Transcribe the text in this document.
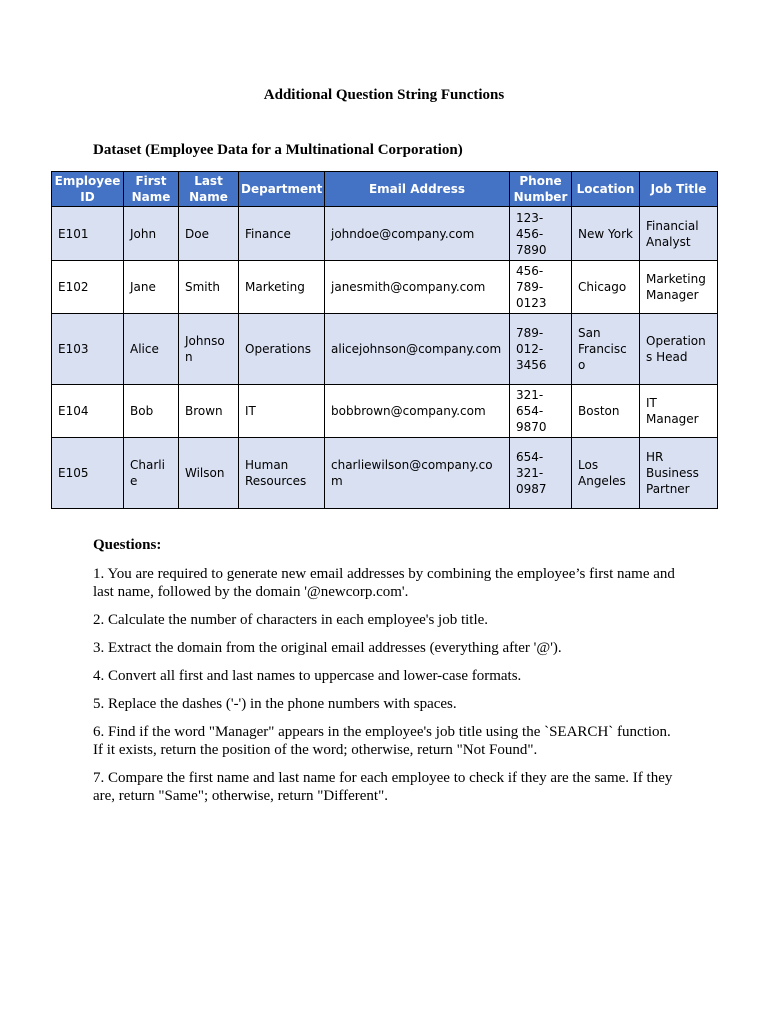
Additional Question String Functions
Dataset (Employee Data for a Multinational Corporation)
Employee ID	First Name	Last Name	Department	Email Address	Phone Number	Location	Job Title
E101	John	Doe	Finance	johndoe@company.com	123-456-7890	New York	Financial Analyst
E102	Jane	Smith	Marketing	janesmith@company.com	456-789-0123	Chicago	Marketing Manager
E103	Alice	Johnson	Operations	alicejohnson@company.com	789-012-3456	San Francisco	Operations Head
E104	Bob	Brown	IT	bobbrown@company.com	321-654-9870	Boston	IT Manager
E105	Charlie	Wilson	Human Resources	charliewilson@company.com	654-321-0987	Los Angeles	HR Business Partner
Questions:

1. You are required to generate new email addresses by combining the employee’s first name and last name, followed by the domain '@newcorp.com'.

2. Calculate the number of characters in each employee's job title.

3. Extract the domain from the original email addresses (everything after '@').

4. Convert all first and last names to uppercase and lower-case formats.

5. Replace the dashes ('-') in the phone numbers with spaces.

6. Find if the word "Manager" appears in the employee's job title using the `SEARCH` function. If it exists, return the position of the word; otherwise, return "Not Found".

7. Compare the first name and last name for each employee to check if they are the same. If they are, return "Same"; otherwise, return "Different".
